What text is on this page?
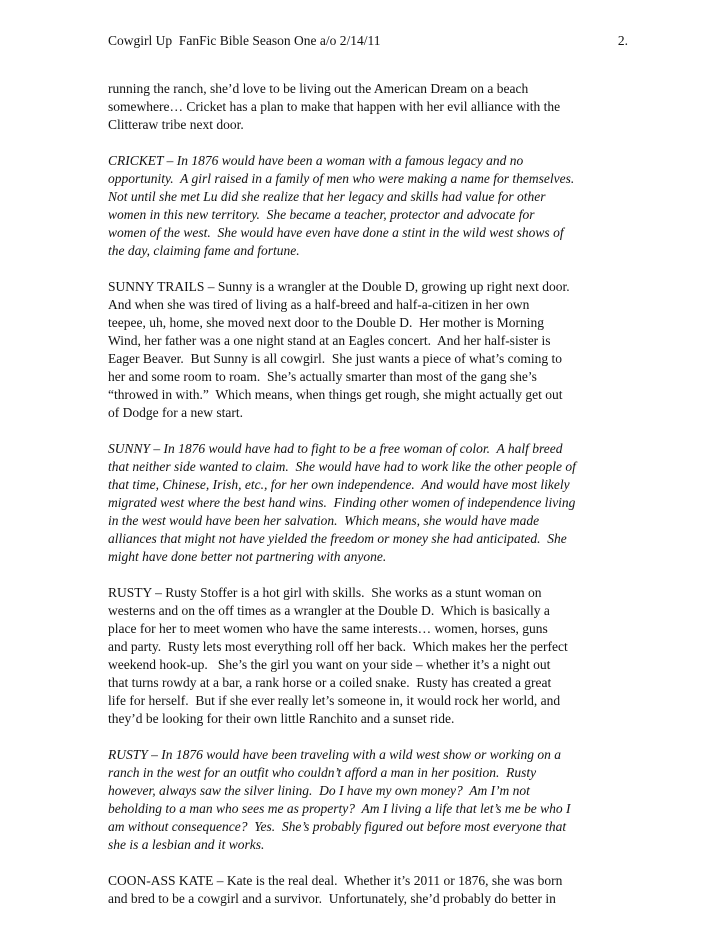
Cowgirl Up  FanFic Bible Season One a/o 2/14/11	2.
running the ranch, she’d love to be living out the American Dream on a beach
somewhere… Cricket has a plan to make that happen with her evil alliance with the
Clitteraw tribe next door.
CRICKET – In 1876 would have been a woman with a famous legacy and no
opportunity.  A girl raised in a family of men who were making a name for themselves.
Not until she met Lu did she realize that her legacy and skills had value for other
women in this new territory.  She became a teacher, protector and advocate for
women of the west.  She would have even have done a stint in the wild west shows of
the day, claiming fame and fortune.
SUNNY TRAILS – Sunny is a wrangler at the Double D, growing up right next door.
And when she was tired of living as a half-breed and half-a-citizen in her own
teepee, uh, home, she moved next door to the Double D.  Her mother is Morning
Wind, her father was a one night stand at an Eagles concert.  And her half-sister is
Eager Beaver.  But Sunny is all cowgirl.  She just wants a piece of what’s coming to
her and some room to roam.  She’s actually smarter than most of the gang she’s
“throwed in with.”  Which means, when things get rough, she might actually get out
of Dodge for a new start.
SUNNY – In 1876 would have had to fight to be a free woman of color.  A half breed
that neither side wanted to claim.  She would have had to work like the other people of
that time, Chinese, Irish, etc., for her own independence.  And would have most likely
migrated west where the best hand wins.  Finding other women of independence living
in the west would have been her salvation.  Which means, she would have made
alliances that might not have yielded the freedom or money she had anticipated.  She
might have done better not partnering with anyone.
RUSTY – Rusty Stoffer is a hot girl with skills.  She works as a stunt woman on
westerns and on the off times as a wrangler at the Double D.  Which is basically a
place for her to meet women who have the same interests… women, horses, guns
and party.  Rusty lets most everything roll off her back.  Which makes her the perfect
weekend hook-up.   She’s the girl you want on your side – whether it’s a night out
that turns rowdy at a bar, a rank horse or a coiled snake.  Rusty has created a great
life for herself.  But if she ever really let’s someone in, it would rock her world, and
they’d be looking for their own little Ranchito and a sunset ride.
RUSTY – In 1876 would have been traveling with a wild west show or working on a
ranch in the west for an outfit who couldn’t afford a man in her position.  Rusty
however, always saw the silver lining.  Do I have my own money?  Am I’m not
beholding to a man who sees me as property?  Am I living a life that let’s me be who I
am without consequence?  Yes.  She’s probably figured out before most everyone that
she is a lesbian and it works.
COON-ASS KATE – Kate is the real deal.  Whether it’s 2011 or 1876, she was born
and bred to be a cowgirl and a survivor.  Unfortunately, she’d probably do better in
